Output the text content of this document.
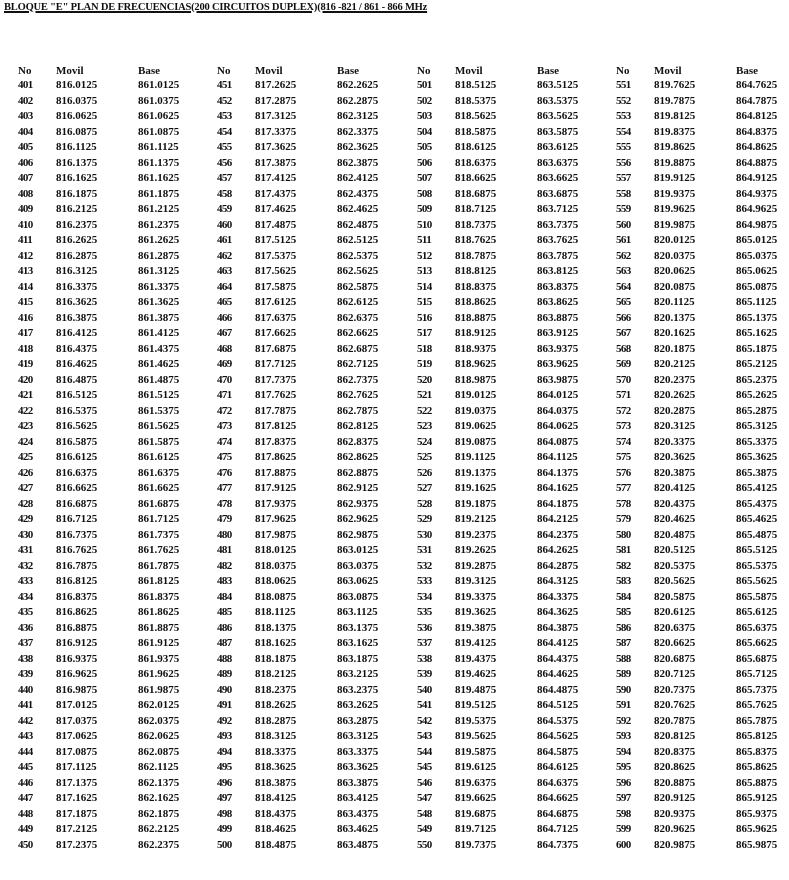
BLOQUE "E" PLAN DE FRECUENCIAS(200 CIRCUITOS DUPLEX)(816 -821 / 861 - 866 MHz
No	Movil	Base
401	816.0125	861.0125
402	816.0375	861.0375
403	816.0625	861.0625
404	816.0875	861.0875
405	816.1125	861.1125
406	816.1375	861.1375
407	816.1625	861.1625
408	816.1875	861.1875
409	816.2125	861.2125
410	816.2375	861.2375
411	816.2625	861.2625
412	816.2875	861.2875
413	816.3125	861.3125
414	816.3375	861.3375
415	816.3625	861.3625
416	816.3875	861.3875
417	816.4125	861.4125
418	816.4375	861.4375
419	816.4625	861.4625
420	816.4875	861.4875
421	816.5125	861.5125
422	816.5375	861.5375
423	816.5625	861.5625
424	816.5875	861.5875
425	816.6125	861.6125
426	816.6375	861.6375
427	816.6625	861.6625
428	816.6875	861.6875
429	816.7125	861.7125
430	816.7375	861.7375
431	816.7625	861.7625
432	816.7875	861.7875
433	816.8125	861.8125
434	816.8375	861.8375
435	816.8625	861.8625
436	816.8875	861.8875
437	816.9125	861.9125
438	816.9375	861.9375
439	816.9625	861.9625
440	816.9875	861.9875
441	817.0125	862.0125
442	817.0375	862.0375
443	817.0625	862.0625
444	817.0875	862.0875
445	817.1125	862.1125
446	817.1375	862.1375
447	817.1625	862.1625
448	817.1875	862.1875
449	817.2125	862.2125
450	817.2375	862.2375
No	Movil	Base
451	817.2625	862.2625
452	817.2875	862.2875
453	817.3125	862.3125
454	817.3375	862.3375
455	817.3625	862.3625
456	817.3875	862.3875
457	817.4125	862.4125
458	817.4375	862.4375
459	817.4625	862.4625
460	817.4875	862.4875
461	817.5125	862.5125
462	817.5375	862.5375
463	817.5625	862.5625
464	817.5875	862.5875
465	817.6125	862.6125
466	817.6375	862.6375
467	817.6625	862.6625
468	817.6875	862.6875
469	817.7125	862.7125
470	817.7375	862.7375
471	817.7625	862.7625
472	817.7875	862.7875
473	817.8125	862.8125
474	817.8375	862.8375
475	817.8625	862.8625
476	817.8875	862.8875
477	817.9125	862.9125
478	817.9375	862.9375
479	817.9625	862.9625
480	817.9875	862.9875
481	818.0125	863.0125
482	818.0375	863.0375
483	818.0625	863.0625
484	818.0875	863.0875
485	818.1125	863.1125
486	818.1375	863.1375
487	818.1625	863.1625
488	818.1875	863.1875
489	818.2125	863.2125
490	818.2375	863.2375
491	818.2625	863.2625
492	818.2875	863.2875
493	818.3125	863.3125
494	818.3375	863.3375
495	818.3625	863.3625
496	818.3875	863.3875
497	818.4125	863.4125
498	818.4375	863.4375
499	818.4625	863.4625
500	818.4875	863.4875
No	Movil	Base
501	818.5125	863.5125
502	818.5375	863.5375
503	818.5625	863.5625
504	818.5875	863.5875
505	818.6125	863.6125
506	818.6375	863.6375
507	818.6625	863.6625
508	818.6875	863.6875
509	818.7125	863.7125
510	818.7375	863.7375
511	818.7625	863.7625
512	818.7875	863.7875
513	818.8125	863.8125
514	818.8375	863.8375
515	818.8625	863.8625
516	818.8875	863.8875
517	818.9125	863.9125
518	818.9375	863.9375
519	818.9625	863.9625
520	818.9875	863.9875
521	819.0125	864.0125
522	819.0375	864.0375
523	819.0625	864.0625
524	819.0875	864.0875
525	819.1125	864.1125
526	819.1375	864.1375
527	819.1625	864.1625
528	819.1875	864.1875
529	819.2125	864.2125
530	819.2375	864.2375
531	819.2625	864.2625
532	819.2875	864.2875
533	819.3125	864.3125
534	819.3375	864.3375
535	819.3625	864.3625
536	819.3875	864.3875
537	819.4125	864.4125
538	819.4375	864.4375
539	819.4625	864.4625
540	819.4875	864.4875
541	819.5125	864.5125
542	819.5375	864.5375
543	819.5625	864.5625
544	819.5875	864.5875
545	819.6125	864.6125
546	819.6375	864.6375
547	819.6625	864.6625
548	819.6875	864.6875
549	819.7125	864.7125
550	819.7375	864.7375
No	Movil	Base
551	819.7625	864.7625
552	819.7875	864.7875
553	819.8125	864.8125
554	819.8375	864.8375
555	819.8625	864.8625
556	819.8875	864.8875
557	819.9125	864.9125
558	819.9375	864.9375
559	819.9625	864.9625
560	819.9875	864.9875
561	820.0125	865.0125
562	820.0375	865.0375
563	820.0625	865.0625
564	820.0875	865.0875
565	820.1125	865.1125
566	820.1375	865.1375
567	820.1625	865.1625
568	820.1875	865.1875
569	820.2125	865.2125
570	820.2375	865.2375
571	820.2625	865.2625
572	820.2875	865.2875
573	820.3125	865.3125
574	820.3375	865.3375
575	820.3625	865.3625
576	820.3875	865.3875
577	820.4125	865.4125
578	820.4375	865.4375
579	820.4625	865.4625
580	820.4875	865.4875
581	820.5125	865.5125
582	820.5375	865.5375
583	820.5625	865.5625
584	820.5875	865.5875
585	820.6125	865.6125
586	820.6375	865.6375
587	820.6625	865.6625
588	820.6875	865.6875
589	820.7125	865.7125
590	820.7375	865.7375
591	820.7625	865.7625
592	820.7875	865.7875
593	820.8125	865.8125
594	820.8375	865.8375
595	820.8625	865.8625
596	820.8875	865.8875
597	820.9125	865.9125
598	820.9375	865.9375
599	820.9625	865.9625
600	820.9875	865.9875
